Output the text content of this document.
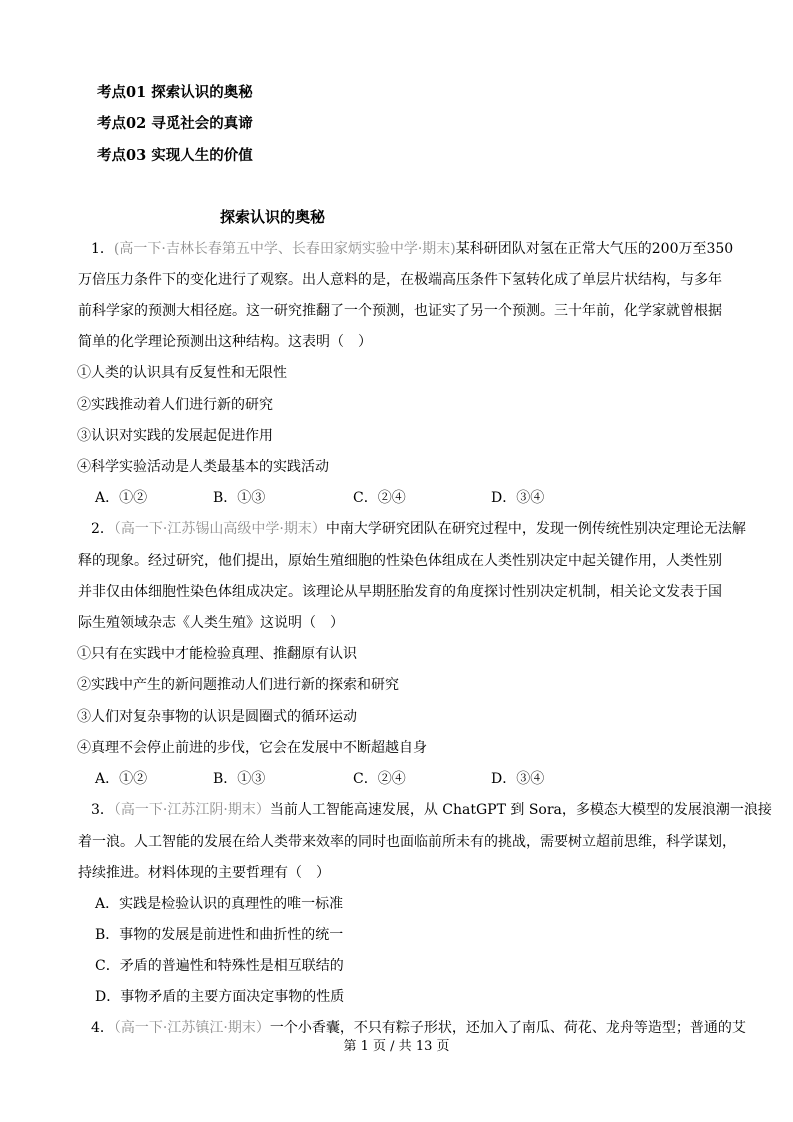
考点01 探索认识的奥秘
考点02 寻觅社会的真谛
考点03 实现人生的价值
探索认识的奥秘
1．(高一下·吉林长春第五中学、长春田家炳实验中学·期末)某科研团队对氢在正常大气压的200万至350
万倍压力条件下的变化进行了观察。出人意料的是，在极端高压条件下氢转化成了单层片状结构，与多年
前科学家的预测大相径庭。这一研究推翻了一个预测，也证实了另一个预测。三十年前，化学家就曾根据
简单的化学理论预测出这种结构。这表明（　）
①人类的认识具有反复性和无限性
②实践推动着人们进行新的研究
③认识对实践的发展起促进作用
④科学实验活动是人类最基本的实践活动
A．①②	B．①③	C．②④	D．③④
2．（高一下·江苏锡山高级中学·期末）中南大学研究团队在研究过程中，发现一例传统性别决定理论无法解
释的现象。经过研究，他们提出，原始生殖细胞的性染色体组成在人类性别决定中起关键作用，人类性别
并非仅由体细胞性染色体组成决定。该理论从早期胚胎发育的角度探讨性别决定机制，相关论文发表于国
际生殖领域杂志《人类生殖》这说明（　）
①只有在实践中才能检验真理、推翻原有认识
②实践中产生的新问题推动人们进行新的探索和研究
③人们对复杂事物的认识是圆圈式的循环运动
④真理不会停止前进的步伐，它会在发展中不断超越自身
A．①②	B．①③	C．②④	D．③④
3．（高一下·江苏江阴·期末）当前人工智能高速发展，从 ChatGPT 到 Sora，多模态大模型的发展浪潮一浪接
着一浪。人工智能的发展在给人类带来效率的同时也面临前所未有的挑战，需要树立超前思维，科学谋划，
持续推进。材料体现的主要哲理有（　）
A．实践是检验认识的真理性的唯一标准
B．事物的发展是前进性和曲折性的统一
C．矛盾的普遍性和特殊性是相互联结的
D．事物矛盾的主要方面决定事物的性质
4．（高一下·江苏镇江·期末）一个小香囊，不只有粽子形状，还加入了南瓜、荷花、龙舟等造型；普通的艾
第 1 页 / 共 13 页
